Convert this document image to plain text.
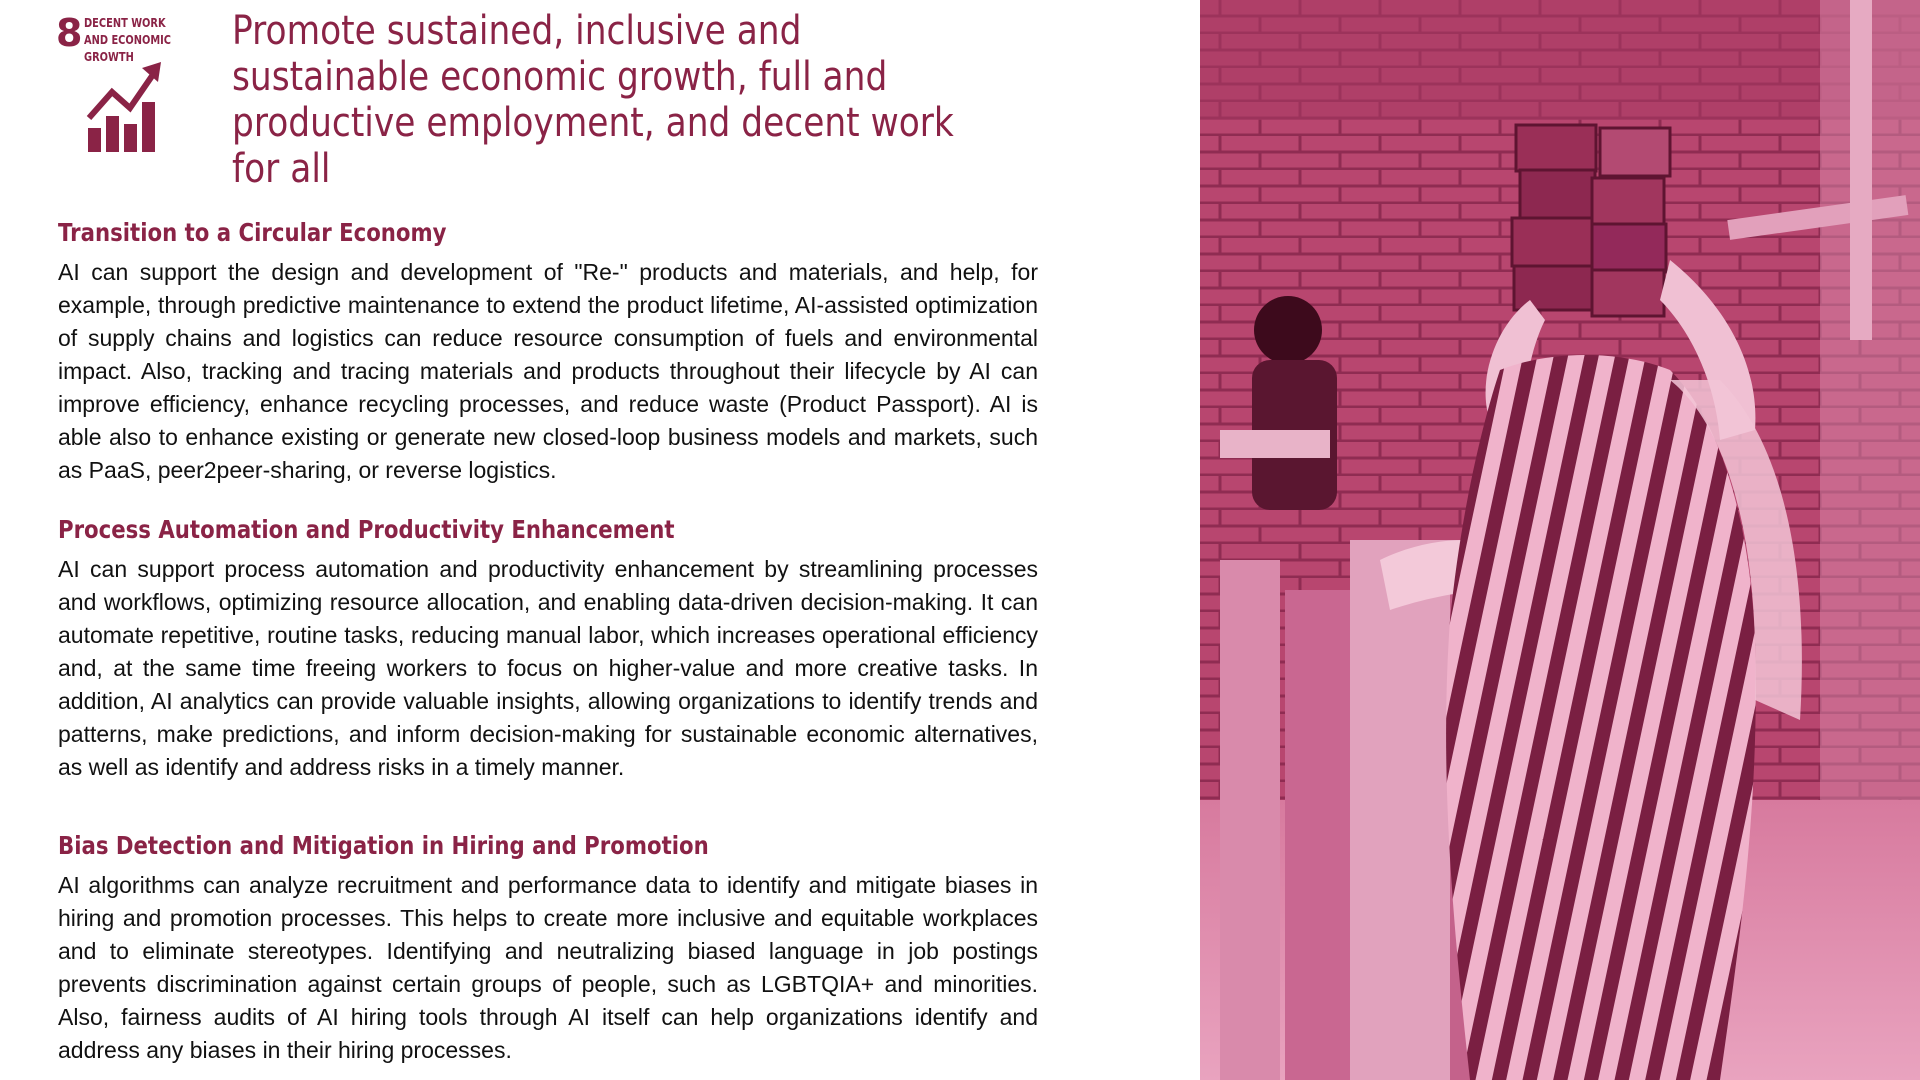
8 DECENT WORK AND ECONOMIC GROWTH
Promote sustained, inclusive and sustainable economic growth, full and productive employment, and decent work for all
Transition to a Circular Economy

AI can support the design and development of "Re-" products and materials, and help, for example, through predictive maintenance to extend the product lifetime, AI-assisted optimization of supply chains and logistics can reduce resource consumption of fuels and environmental impact. Also, tracking and tracing materials and products throughout their lifecycle by AI can improve efficiency, enhance recycling processes, and reduce waste (Product Passport). AI is able also to enhance existing or generate new closed-loop business models and markets, such as PaaS, peer2peer-sharing, or reverse logistics.

Process Automation and Productivity Enhancement

AI can support process automation and productivity enhancement by streamlining processes and workflows, optimizing resource allocation, and enabling data-driven decision-making. It can automate repetitive, routine tasks, reducing manual labor, which increases operational efficiency and, at the same time freeing workers to focus on higher-value and more creative tasks. In addition, AI analytics can provide valuable insights, allowing organizations to identify trends and patterns, make predictions, and inform decision-making for sustainable economic alternatives, as well as identify and address risks in a timely manner.

Bias Detection and Mitigation in Hiring and Promotion

AI algorithms can analyze recruitment and performance data to identify and mitigate biases in hiring and promotion processes. This helps to create more inclusive and equitable workplaces and to eliminate stereotypes. Identifying and neutralizing biased language in job postings prevents discrimination against certain groups of people, such as LGBTQIA+ and minorities. Also, fairness audits of AI hiring tools through AI itself can help organizations identify and address any biases in their hiring processes.
